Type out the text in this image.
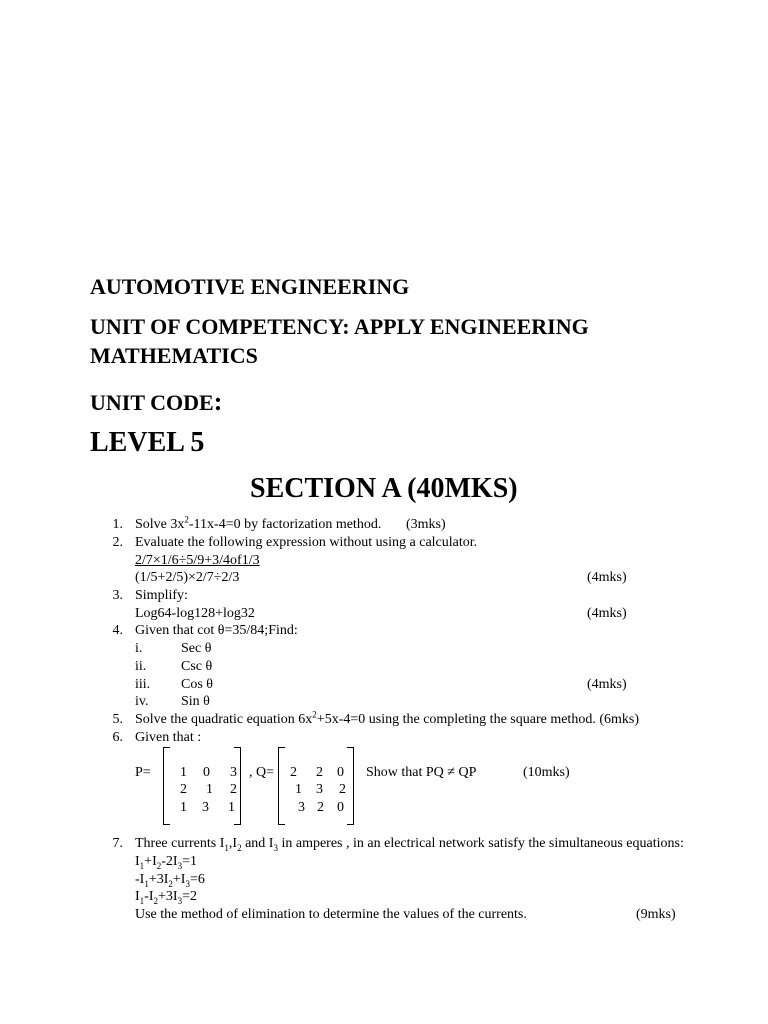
AUTOMOTIVE ENGINEERING
UNIT OF COMPETENCY: APPLY ENGINEERING
MATHEMATICS
UNIT CODE:
LEVEL 5
SECTION A (40MKS)
1. Solve $3x^2-11x-4=0$ by factorization method. (3mks)
2. Evaluate the following expression without using a calculator.
2/7×1/6÷5/9+3/4of1/3
(1/5+2/5)×2/7÷2/3	(4mks)
3. Simplify:
Log64-log128+log32	(4mks)
4. Given that cot θ=35/84;Find:
i.	Sec θ
ii. Csc θ
iii. Cos θ
iv. Sin θ
(4mks)
5. Solve the quadratic equation $6x^2+5x-4=0$ using the completing the square method. (6mks)
6. Given that :
P=	1	0	3
2	1	2
1	3	1
, Q=	2	2	0
1	3	2
3 2 0
Show that PQ ≠ QP	(10mks)
7. Three currents $I_1,I_2$ and $I_3$ in amperes , in an electrical network satisfy the simultaneous equations:
$I_1+I_2-2I_3=1$
$-I_1+3I_2+I_3=6$
$I_1-I_2+3I_3=2$
Use the method of elimination to determine the values of the currents.	(9mks)
